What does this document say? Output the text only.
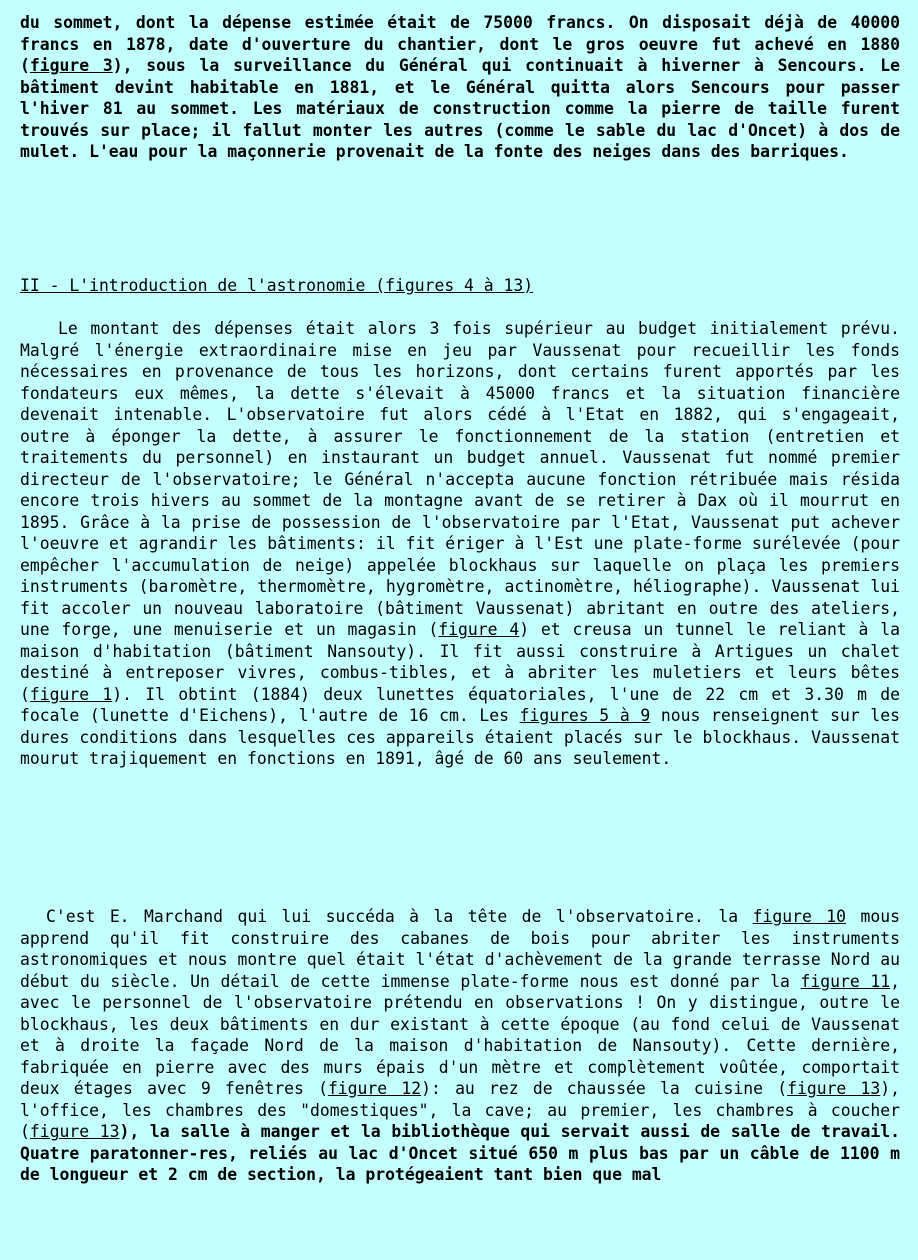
du sommet, dont la dépense estimée était de 75000 francs. On disposait déjà de 40000 francs en 1878, date d'ouverture du chantier, dont le gros oeuvre fut achevé en 1880 (figure 3), sous la surveillance du Général qui continuait à hiverner à Sencours. Le bâtiment devint habitable en 1881, et le Général quitta alors Sencours pour passer l'hiver 81 au sommet. Les matériaux de construction comme la pierre de taille furent trouvés sur place; il fallut monter les autres (comme le sable du lac d'Oncet) à dos de mulet. L'eau pour la maçonnerie provenait de la fonte des neiges dans des barriques.

II - L'introduction de l'astronomie (figures 4 à 13)

Le montant des dépenses était alors 3 fois supérieur au budget initialement prévu. Malgré l'énergie extraordinaire mise en jeu par Vaussenat pour recueillir les fonds nécessaires en provenance de tous les horizons, dont certains furent apportés par les fondateurs eux mêmes, la dette s'élevait à 45000 francs et la situation financière devenait intenable. L'observatoire fut alors cédé à l'Etat en 1882, qui s'engageait, outre à éponger la dette, à assurer le fonctionnement de la station (entretien et traitements du personnel) en instaurant un budget annuel. Vaussenat fut nommé premier directeur de l'observatoire; le Général n'accepta aucune fonction rétribuée mais résida encore trois hivers au sommet de la montagne avant de se retirer à Dax où il mourrut en 1895. Grâce à la prise de possession de l'observatoire par l'Etat, Vaussenat put achever l'oeuvre et agrandir les bâtiments: il fit ériger à l'Est une plate-forme surélevée (pour empêcher l'accumulation de neige) appelée blockhaus sur laquelle on plaça les premiers instruments (baromètre, thermomètre, hygromètre, actinomètre, héliographe). Vaussenat lui fit accoler un nouveau laboratoire (bâtiment Vaussenat) abritant en outre des ateliers, une forge, une menuiserie et un magasin (figure 4) et creusa un tunnel le reliant à la maison d'habitation (bâtiment Nansouty). Il fit aussi construire à Artigues un chalet destiné à entreposer vivres, combus-tibles, et à abriter les muletiers et leurs bêtes (figure 1). Il obtint (1884) deux lunettes équatoriales, l'une de 22 cm et 3.30 m de focale (lunette d'Eichens), l'autre de 16 cm. Les figures 5 à 9 nous renseignent sur les dures conditions dans lesquelles ces appareils étaient placés sur le blockhaus. Vaussenat mourut trajiquement en fonctions en 1891, âgé de 60 ans seulement.

C'est E. Marchand qui lui succéda à la tête de l'observatoire. la figure 10 mous apprend qu'il fit construire des cabanes de bois pour abriter les instruments astronomiques et nous montre quel était l'état d'achèvement de la grande terrasse Nord au début du siècle. Un détail de cette immense plate-forme nous est donné par la figure 11, avec le personnel de l'observatoire prétendu en observations ! On y distingue, outre le blockhaus, les deux bâtiments en dur existant à cette époque (au fond celui de Vaussenat et à droite la façade Nord de la maison d'habitation de Nansouty). Cette dernière, fabriquée en pierre avec des murs épais d'un mètre et complètement voûtée, comportait deux étages avec 9 fenêtres (figure 12): au rez de chaussée la cuisine (figure 13), l'office, les chambres des "domestiques", la cave; au premier, les chambres à coucher (figure 13), la salle à manger et la bibliothèque qui servait aussi de salle de travail. Quatre paratonner-res, reliés au lac d'Oncet situé 650 m plus bas par un câble de 1100 m de longueur et 2 cm de section, la protégeaient tant bien que mal
